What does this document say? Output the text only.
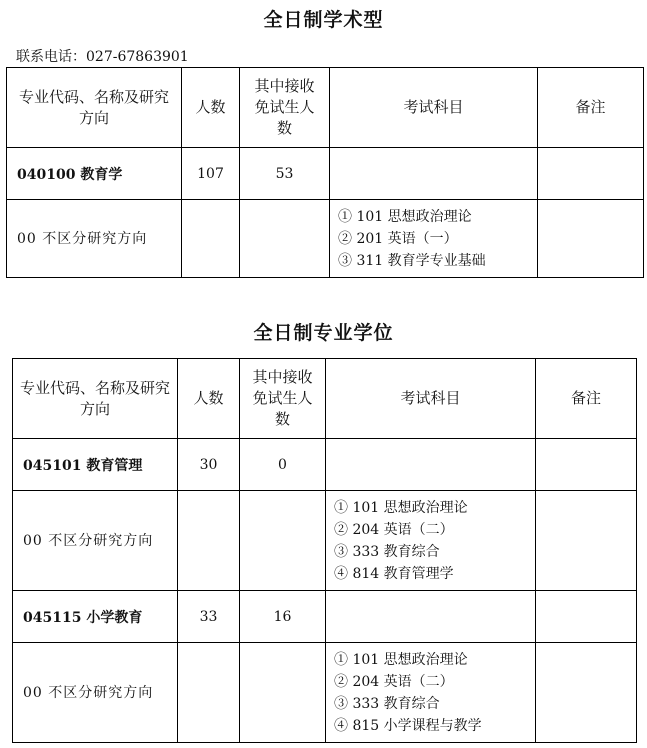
全日制学术型
联系电话：027-67863901
专业代码、名称及研究方向	人数	其中接收免试生人数	考试科目	备注
040100 教育学	107	53		
00 不区分研究方向			① 101 思想政治理论
② 201 英语（一）
③ 311 教育学专业基础	

全日制专业学位
专业代码、名称及研究方向	人数	其中接收免试生人数	考试科目	备注
045101 教育管理	30	0		
00 不区分研究方向			① 101 思想政治理论
② 204 英语（二）
③ 333 教育综合
④ 814 教育管理学	

045115 小学教育	33	16		
00 不区分研究方向			① 101 思想政治理论
② 204 英语（二）
③ 333 教育综合
④ 815 小学课程与教学	
